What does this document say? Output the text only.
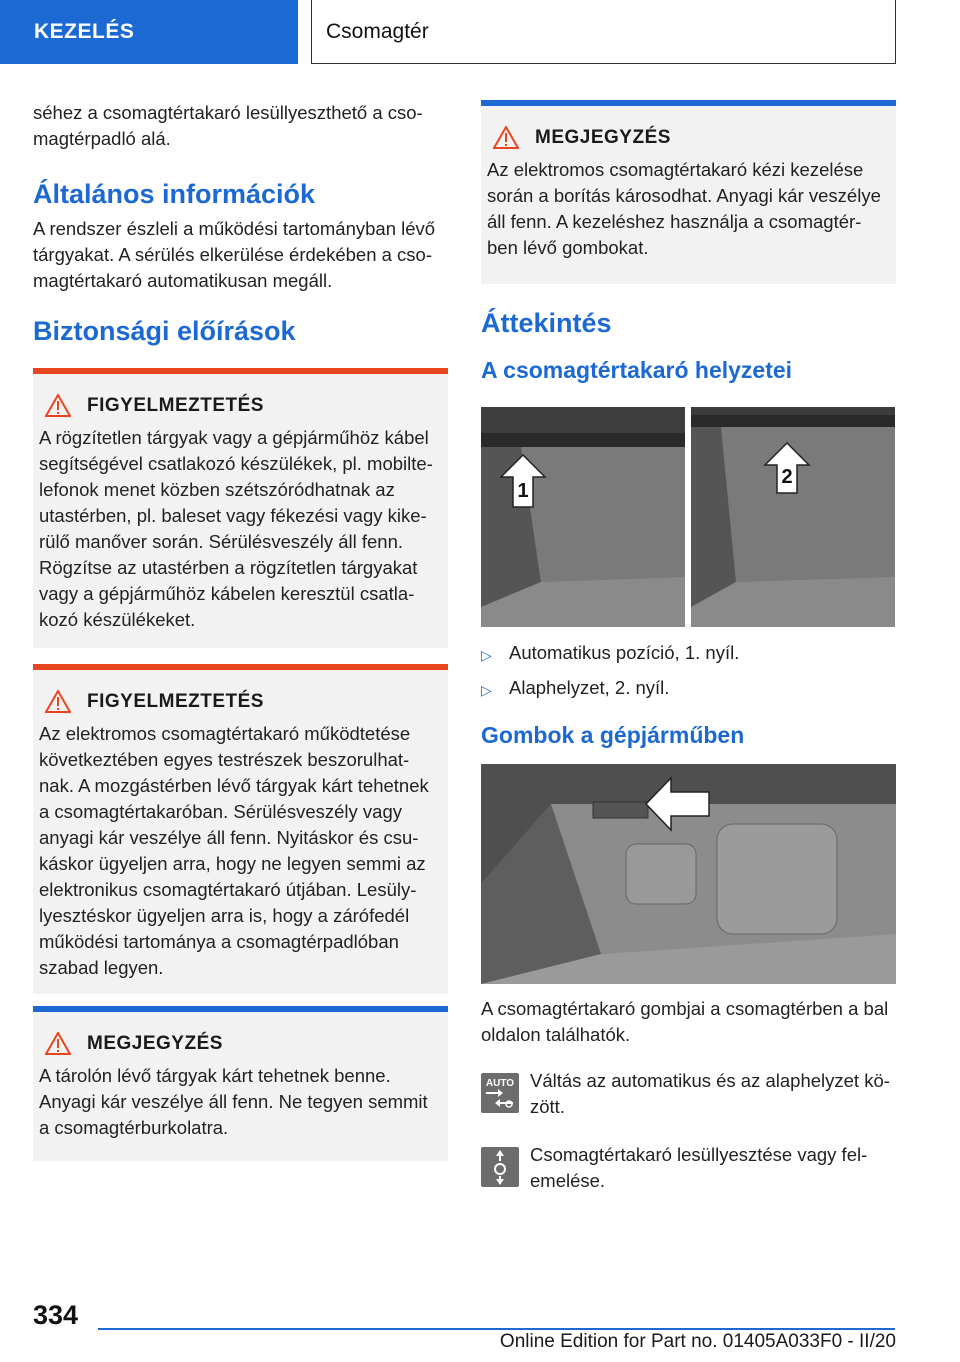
KEZELÉS	Csomagtér

séhez a csomagtértakaró lesüllyeszthető a cso-magtérpadló alá.

Általános információk

A rendszer észleli a működési tartományban lévő tárgyakat. A sérülés elkerülése érdekében a cso-magtértakaró automatikusan megáll.

Biztonsági előírások
FIGYELMEZTETÉS

A rögzítetlen tárgyak vagy a gépjárműhöz kábel segítségével csatlakozó készülékek, pl. mobilte-lefonok menet közben szétszóródhatnak az utastérben, pl. baleset vagy fékezési vagy kike-rülő manőver során. Sérülésveszély áll fenn. Rögzítse az utastérben a rögzítetlen tárgyakat vagy a gépjárműhöz kábelen keresztül csatla-kozó készülékeket.

FIGYELMEZTETÉS

Az elektromos csomagtértakaró működtetése következtében egyes testrészek beszorulhat-nak. A mozgástérben lévő tárgyak kárt tehetnek a csomagtértakaróban. Sérülésveszély vagy anyagi kár veszélye áll fenn. Nyitáskor és csu-káskor ügyeljen arra, hogy ne legyen semmi az elektronikus csomagtértakaró útjában. Lesüly-lyesztéskor ügyeljen arra is, hogy a zárófedél működési tartománya a csomagtérpadlóban szabad legyen.

MEGJEGYZÉS

A tárolón lévő tárgyak kárt tehetnek benne. Anyagi kár veszélye áll fenn. Ne tegyen semmit a csomagtérburkolatra.

MEGJEGYZÉS

Az elektromos csomagtértakaró kézi kezelése során a borítás károsodhat. Anyagi kár veszélye áll fenn. A kezeléshez használja a csomagtér-ben lévő gombokat.

Áttekintés
A csomagtértakaró helyzetei
1
2
▷ Automatikus pozíció, 1. nyíl.
▷ Alaphelyzet, 2. nyíl.
Gombok a gépjárműben

A csomagtértakaró gombjai a csomagtérben a bal oldalon találhatók.

AUTO Váltás az automatikus és az alaphelyzet kö-zött.

Csomagtértakaró lesüllyesztése vagy fel-emelése.

334
Online Edition for Part no. 01405A033F0 - II/20
